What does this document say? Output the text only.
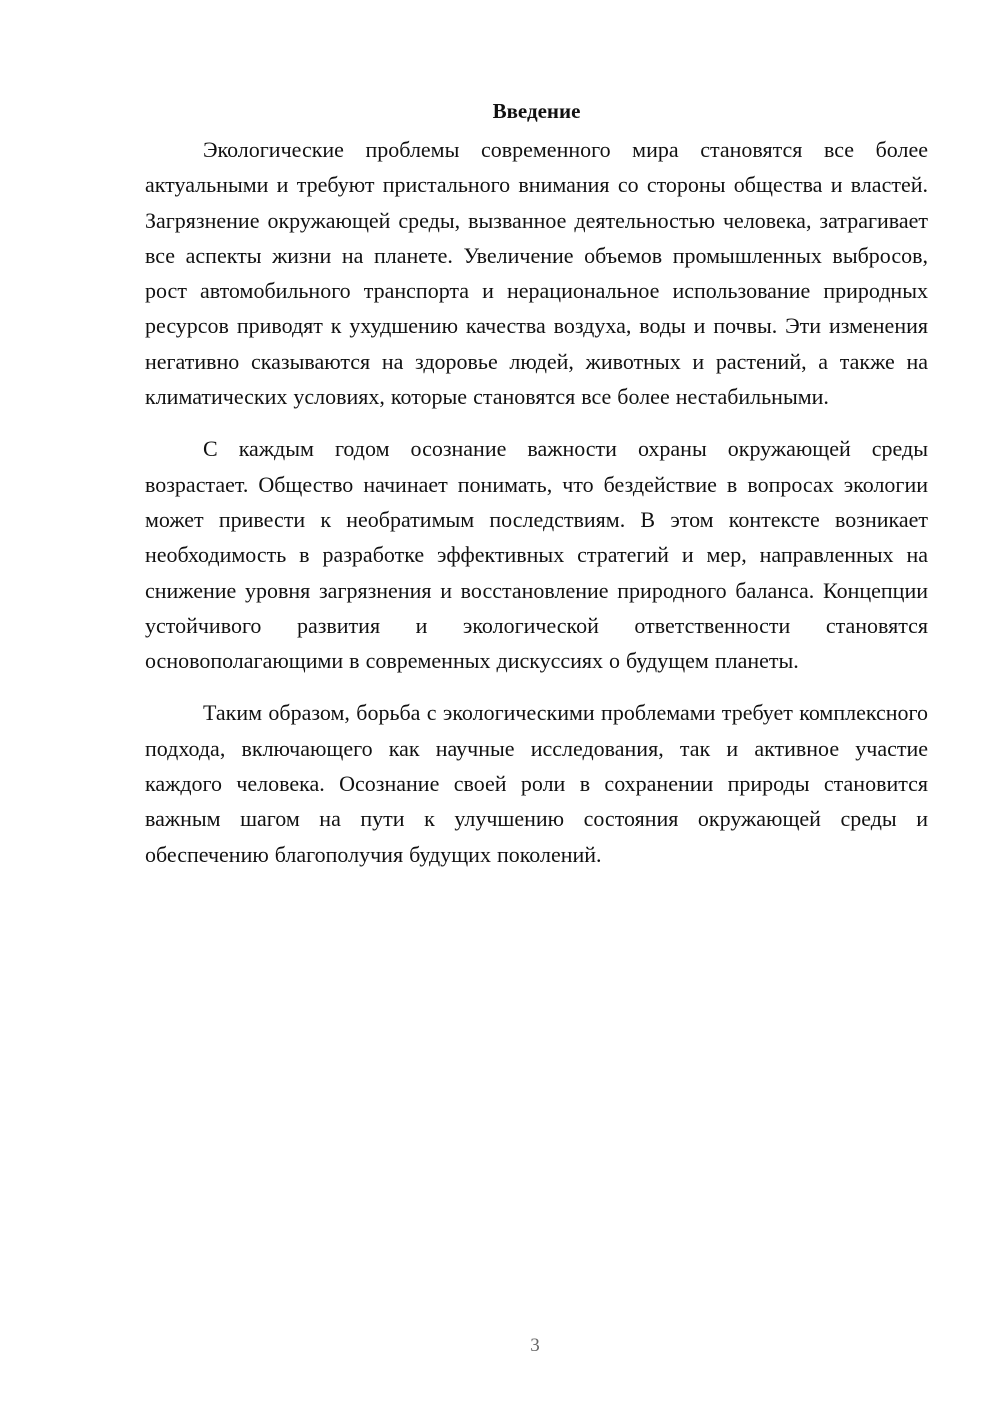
Введение

Экологические проблемы современного мира становятся все более актуальными и требуют пристального внимания со стороны общества и властей. Загрязнение окружающей среды, вызванное деятельностью человека, затрагивает все аспекты жизни на планете. Увеличение объемов промышленных выбросов, рост автомобильного транспорта и нерациональное использование природных ресурсов приводят к ухудшению качества воздуха, воды и почвы. Эти изменения негативно сказываются на здоровье людей, животных и растений, а также на климатических условиях, которые становятся все более нестабильными.

С каждым годом осознание важности охраны окружающей среды возрастает. Общество начинает понимать, что бездействие в вопросах экологии может привести к необратимым последствиям. В этом контексте возникает необходимость в разработке эффективных стратегий и мер, направленных на снижение уровня загрязнения и восстановление природного баланса. Концепции устойчивого развития и экологической ответственности становятся основополагающими в современных дискуссиях о будущем планеты.

Таким образом, борьба с экологическими проблемами требует комплексного подхода, включающего как научные исследования, так и активное участие каждого человека. Осознание своей роли в сохранении природы становится важным шагом на пути к улучшению состояния окружающей среды и обеспечению благополучия будущих поколений.

3
